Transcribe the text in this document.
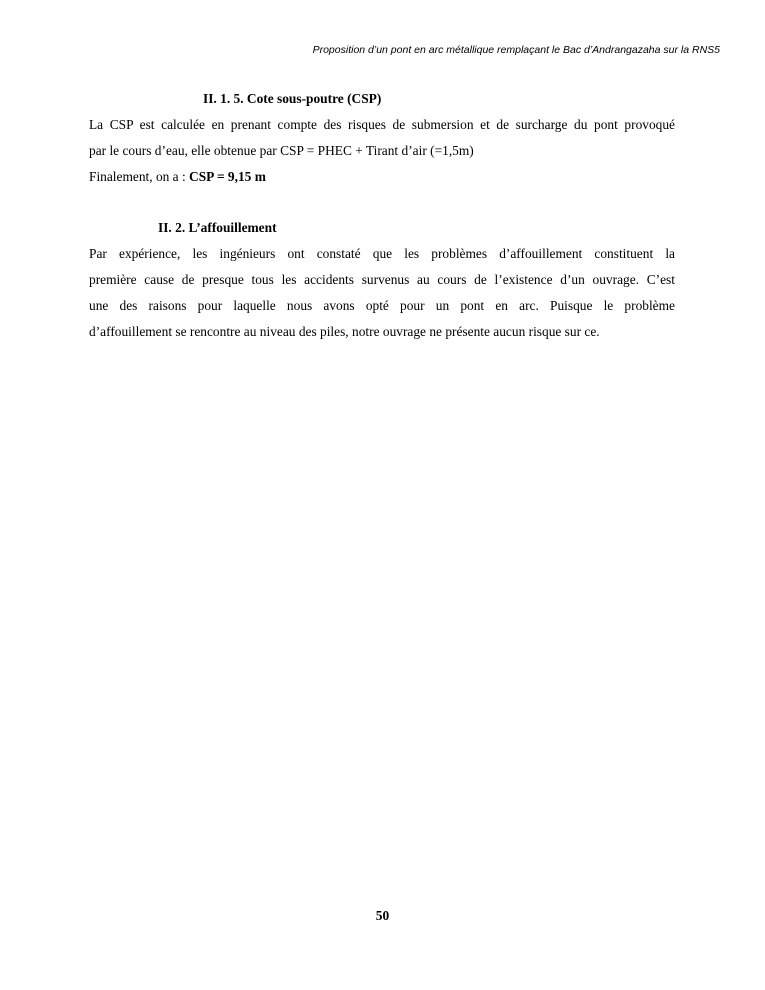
Proposition d’un pont en arc métallique remplaçant le Bac d’Andrangazaha sur la RNS5
II. 1. 5. Cote sous-poutre (CSP)
La CSP est calculée en prenant compte des risques de submersion et de surcharge du pont provoqué
par le cours d’eau, elle obtenue par CSP = PHEC + Tirant d’air (=1,5m)
Finalement, on a : CSP = 9,15 m
II. 2. L’affouillement
Par expérience, les ingénieurs ont constaté que les problèmes d’affouillement constituent la
première cause de presque tous les accidents survenus au cours de l’existence d’un ouvrage. C’est
une des raisons pour laquelle nous avons opté pour un pont en arc. Puisque le problème
d’affouillement se rencontre au niveau des piles, notre ouvrage ne présente aucun risque sur ce.
50
